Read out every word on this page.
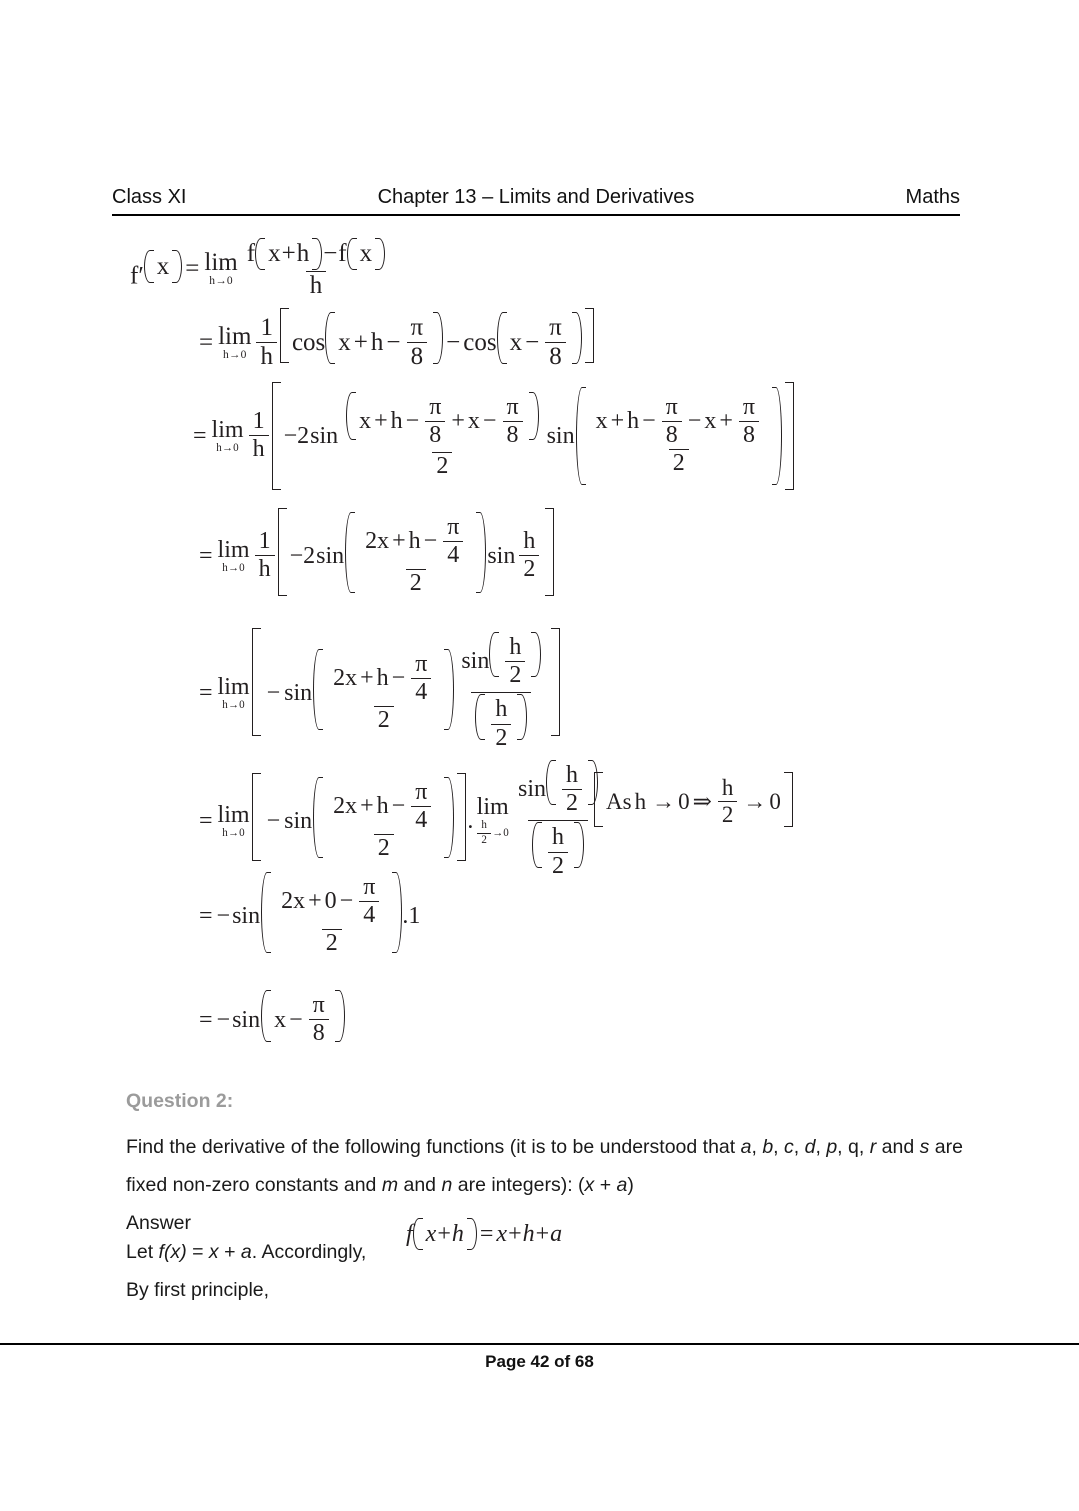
Class XI	Chapter 13 – Limits and Derivatives	Maths
f′ x = lim
$h\to 0 \frac{\text{f x + h − f x}}{h}$
= lim
$h\to 0 \frac{1}{h}$ $\cos x + h - \frac{\pi}{8} - \cos x - \frac{\pi}{8}$
= lim
$h\to 0 \frac{1}{h} -2$ sin
$x + h - \frac{\pi}{8} + x - \frac{\pi}{8}$
2
sin
$x + h - \frac{\pi}{8} - x + \frac{\pi}{8}$
2
= lim
$h\to 0 \frac{1}{h} -2$ $\sin \frac{2x + h - \frac{\pi}{4}}{2}$ $\sin \frac{h}{2}$
= lim
$h\to 0 - \sin \frac{2x + h - \frac{\pi}{4}}{2} \frac{\sin \frac{h}{2}}{\frac{h}{2}}$
= lim
$h\to 0 - \sin \frac{2x + h - \frac{\pi}{4}}{2}$ .
lim
$\frac{h}{2} \to 0 \frac{\sin \frac{h}{2}}{\frac{h}{2}}$ As h → 0 ⇒ $\frac{h}{2} \to 0$
= − $\sin \frac{2x + 0 - \frac{\pi}{4}}{2} .1$
= − $\sin x - \frac{\pi}{8}$
Question 2:
Find the derivative of the following functions (it is to be understood that a, b, c, d, p, q, r and s are fixed non-zero constants and m and n are integers): (x + a)
Answer
Let f(x) = x + a. Accordingly,
f x + h = x + h + a
By first principle,
Page 42 of 68
